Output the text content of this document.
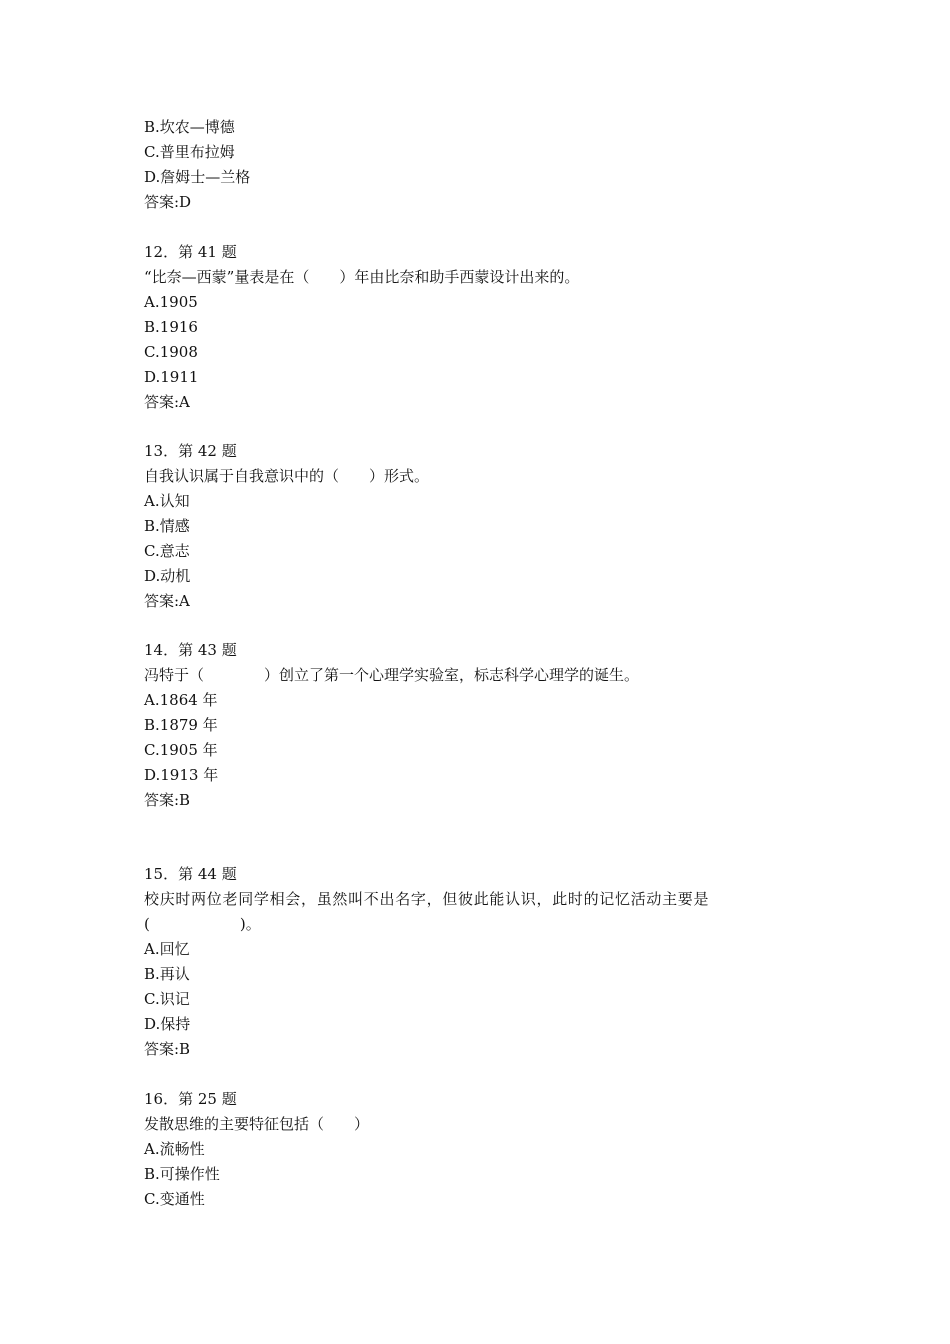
B.坎农—博德
C.普里布拉姆
D.詹姆士—兰格
答案:D
12．第 41 题
“比奈—西蒙”量表是在（　　）年由比奈和助手西蒙设计出来的。
A.1905
B.1916
C.1908
D.1911
答案:A
13．第 42 题
自我认识属于自我意识中的（　　）形式。
A.认知
B.情感
C.意志
D.动机
答案:A
14．第 43 题
冯特于（　　　　）创立了第一个心理学实验室，标志科学心理学的诞生。
A.1864 年
B.1879 年
C.1905 年
D.1913 年
答案:B
15．第 44 题
校庆时两位老同学相会，虽然叫不出名字，但彼此能认识，此时的记忆活动主要是
(　　　　　　)。
A.回忆
B.再认
C.识记
D.保持
答案:B
16．第 25 题
发散思维的主要特征包括（　　）
A.流畅性
B.可操作性
C.变通性
